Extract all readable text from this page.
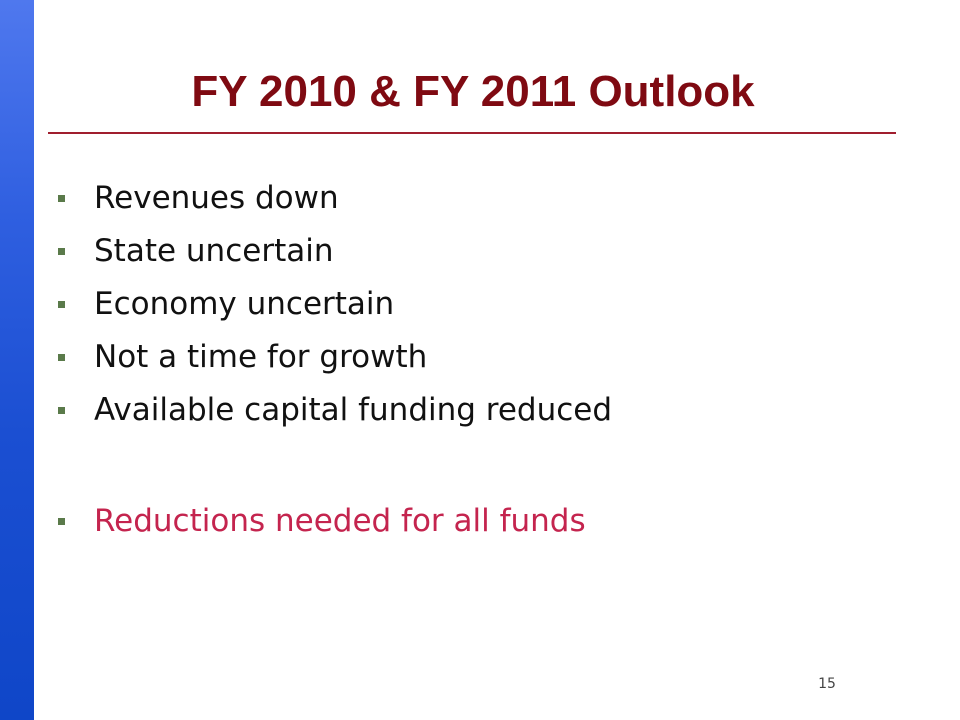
FY 2010 & FY 2011 Outlook
Revenues down
State uncertain
Economy uncertain
Not a time for growth
Available capital funding reduced
Reductions needed for all funds
15
